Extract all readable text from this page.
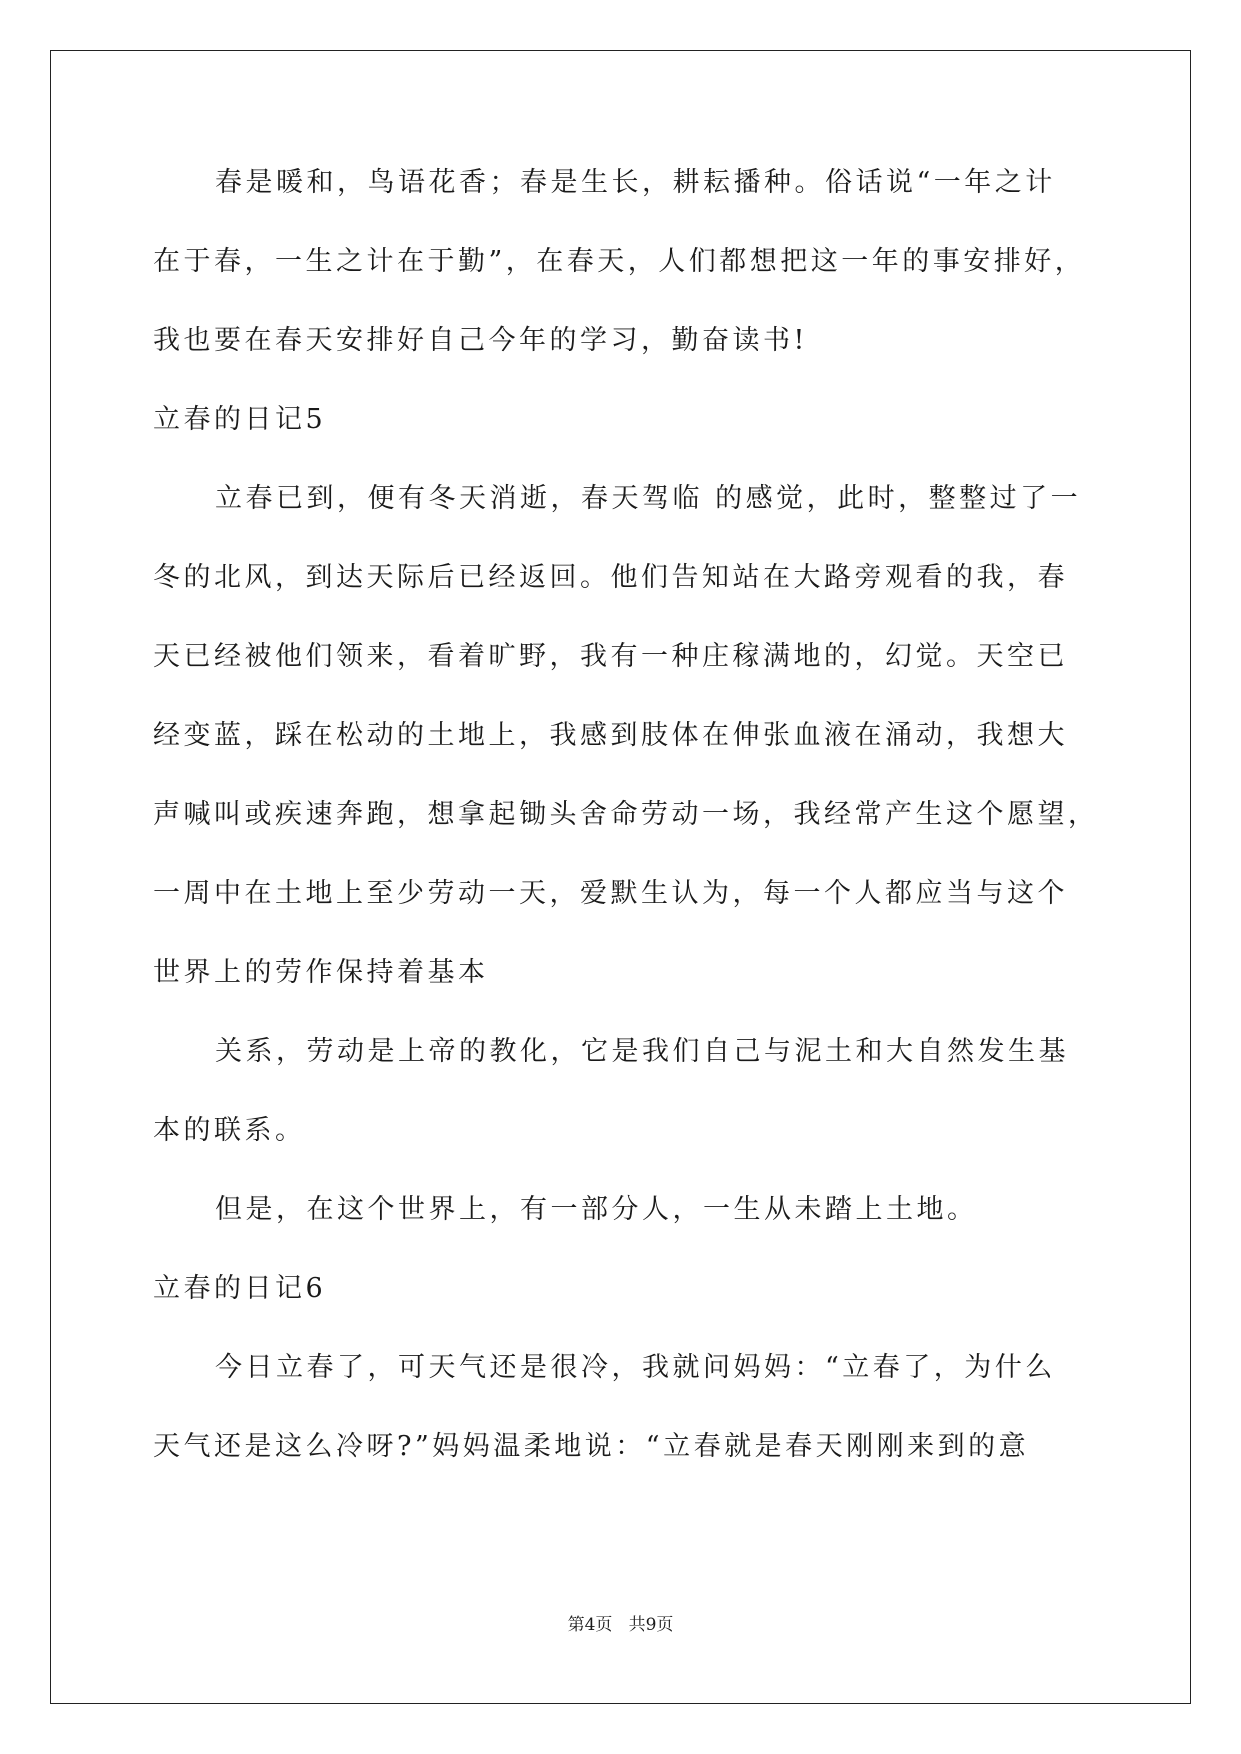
春是暖和，鸟语花香；春是生长，耕耘播种。俗话说“一年之计
在于春，一生之计在于勤”，在春天，人们都想把这一年的事安排好，
我也要在春天安排好自己今年的学习，勤奋读书!
立春的日记5
立春已到，便有冬天消逝，春天驾临 的感觉，此时，整整过了一
冬的北风，到达天际后已经返回。他们告知站在大路旁观看的我，春
天已经被他们领来，看着旷野，我有一种庄稼满地的，幻觉。天空已
经变蓝，踩在松动的土地上，我感到肢体在伸张血液在涌动，我想大
声喊叫或疾速奔跑，想拿起锄头舍命劳动一场，我经常产生这个愿望，
一周中在土地上至少劳动一天，爱默生认为，每一个人都应当与这个
世界上的劳作保持着基本
关系，劳动是上帝的教化，它是我们自己与泥土和大自然发生基
本的联系。
但是，在这个世界上，有一部分人，一生从未踏上土地。
立春的日记6
今日立春了，可天气还是很冷，我就问妈妈：“立春了，为什么
天气还是这么冷呀?”妈妈温柔地说：“立春就是春天刚刚来到的意
第4页   共9页
